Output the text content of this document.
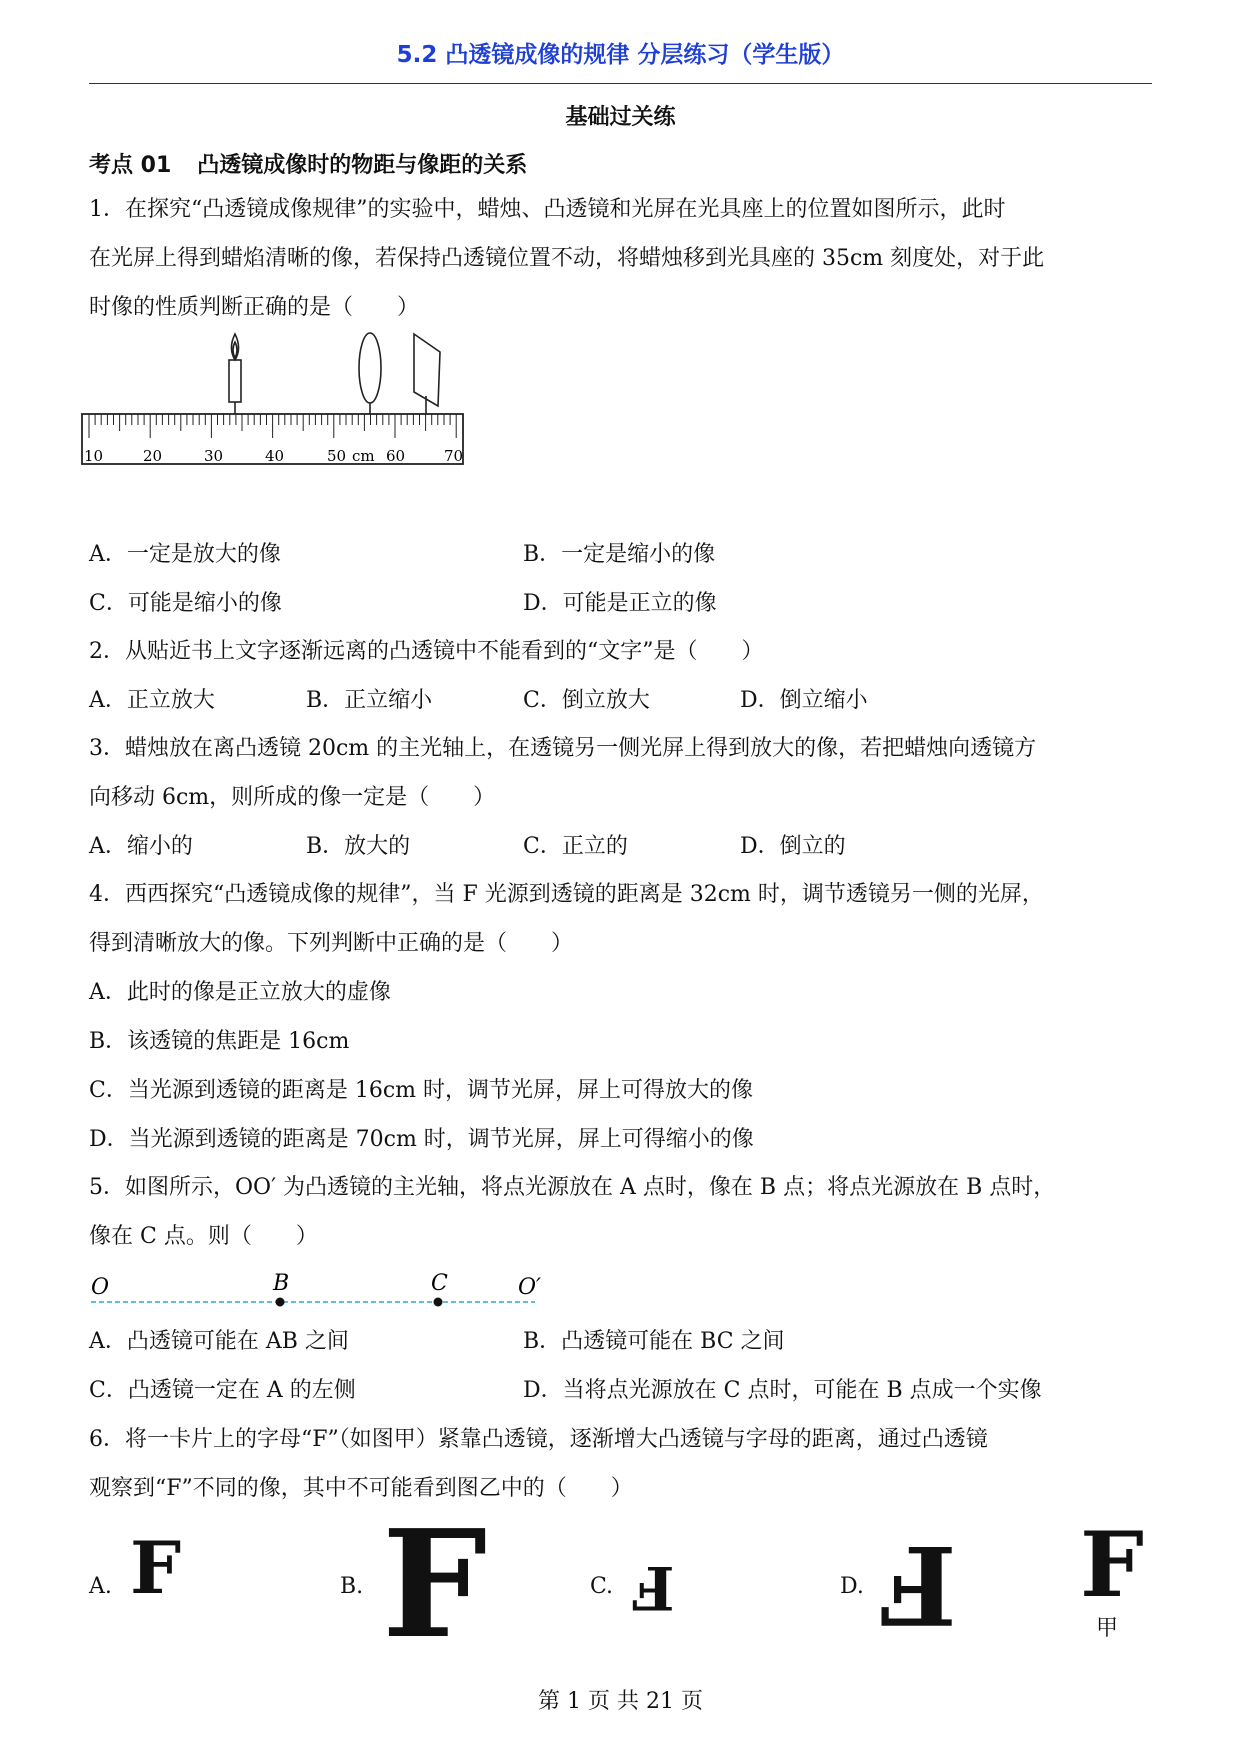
5.2 凸透镜成像的规律 分层练习（学生版）
基础过关练
考点 01 凸透镜成像时的物距与像距的关系
1．在探究“凸透镜成像规律”的实验中，蜡烛、凸透镜和光屏在光具座上的位置如图所示，此时
在光屏上得到蜡焰清晰的像，若保持凸透镜位置不动，将蜡烛移到光具座的 35cm 刻度处，对于此
时像的性质判断正确的是（　　）
10	20	30	40	50 cm 60	70
A．一定是放大的像	B．一定是缩小的像
C．可能是缩小的像	D．可能是正立的像
2．从贴近书上文字逐渐远离的凸透镜中不能看到的“文字”是（　　）
A．正立放大	B．正立缩小	C．倒立放大	D．倒立缩小
3．蜡烛放在离凸透镜 20cm 的主光轴上，在透镜另一侧光屏上得到放大的像，若把蜡烛向透镜方
向移动 6cm，则所成的像一定是（　　）
A．缩小的	B．放大的	C．正立的	D．倒立的
4．西西探究“凸透镜成像的规律”，当 F 光源到透镜的距离是 32cm 时，调节透镜另一侧的光屏，
得到清晰放大的像。下列判断中正确的是（　　）
A．此时的像是正立放大的虚像
B．该透镜的焦距是 16cm
C．当光源到透镜的距离是 16cm 时，调节光屏，屏上可得放大的像
D．当光源到透镜的距离是 70cm 时，调节光屏，屏上可得缩小的像
5．如图所示，OO′ 为凸透镜的主光轴，将点光源放在 A 点时，像在 B 点；将点光源放在 B 点时，
像在 C 点。则（　　）
O	B	C	O′
A．凸透镜可能在 AB 之间	B．凸透镜可能在 BC 之间
C．凸透镜一定在 A 的左侧	D．当将点光源放在 C 点时，可能在 B 点成一个实像
6．将一卡片上的字母“F”（如图甲）紧靠凸透镜，逐渐增大凸透镜与字母的距离，通过凸透镜
观察到“F”不同的像，其中不可能看到图乙中的（　　）
A. F	B. F	C. F	D. F F
甲
第 1 页 共 21 页
